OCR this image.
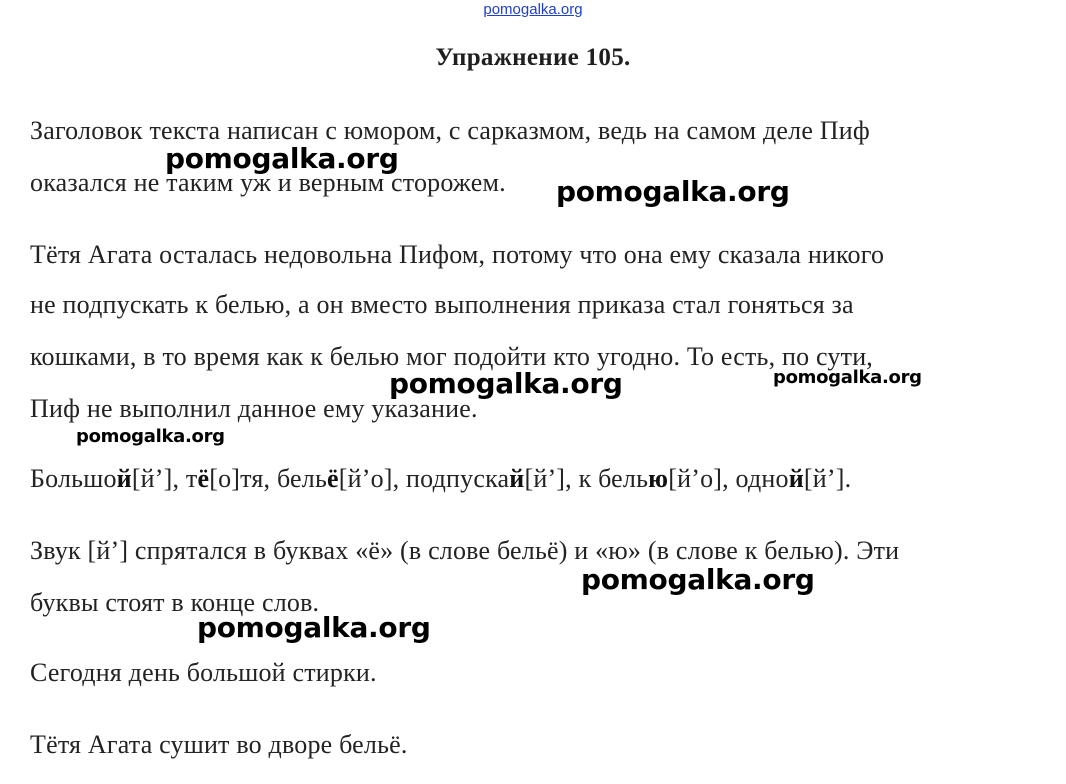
pomogalka.org
Упражнение 105.
Заголовок текста написан с юмором, с сарказмом, ведь на самом деле Пиф
оказался не таким уж и верным сторожем.
Тётя Агата осталась недовольна Пифом, потому что она ему сказала никого
не подпускать к белью, а он вместо выполнения приказа стал гоняться за
кошками, в то время как к белью мог подойти кто угодно. То есть, по сути,
Пиф не выполнил данное ему указание.
Большой[й’], тё[о]тя, бельё[й’о], подпускай[й’], к белью[й’о], одной[й’].
Звук [й’] спрятался в буквах «ё» (в слове бельё) и «ю» (в слове к белью). Эти
буквы стоят в конце слов.
Сегодня день большой стирки.
Тётя Агата сушит во дворе бельё.
pomogalka.org
pomogalka.org
pomogalka.org	pomogalka.org
pomogalka.org
pomogalka.org
pomogalka.org
